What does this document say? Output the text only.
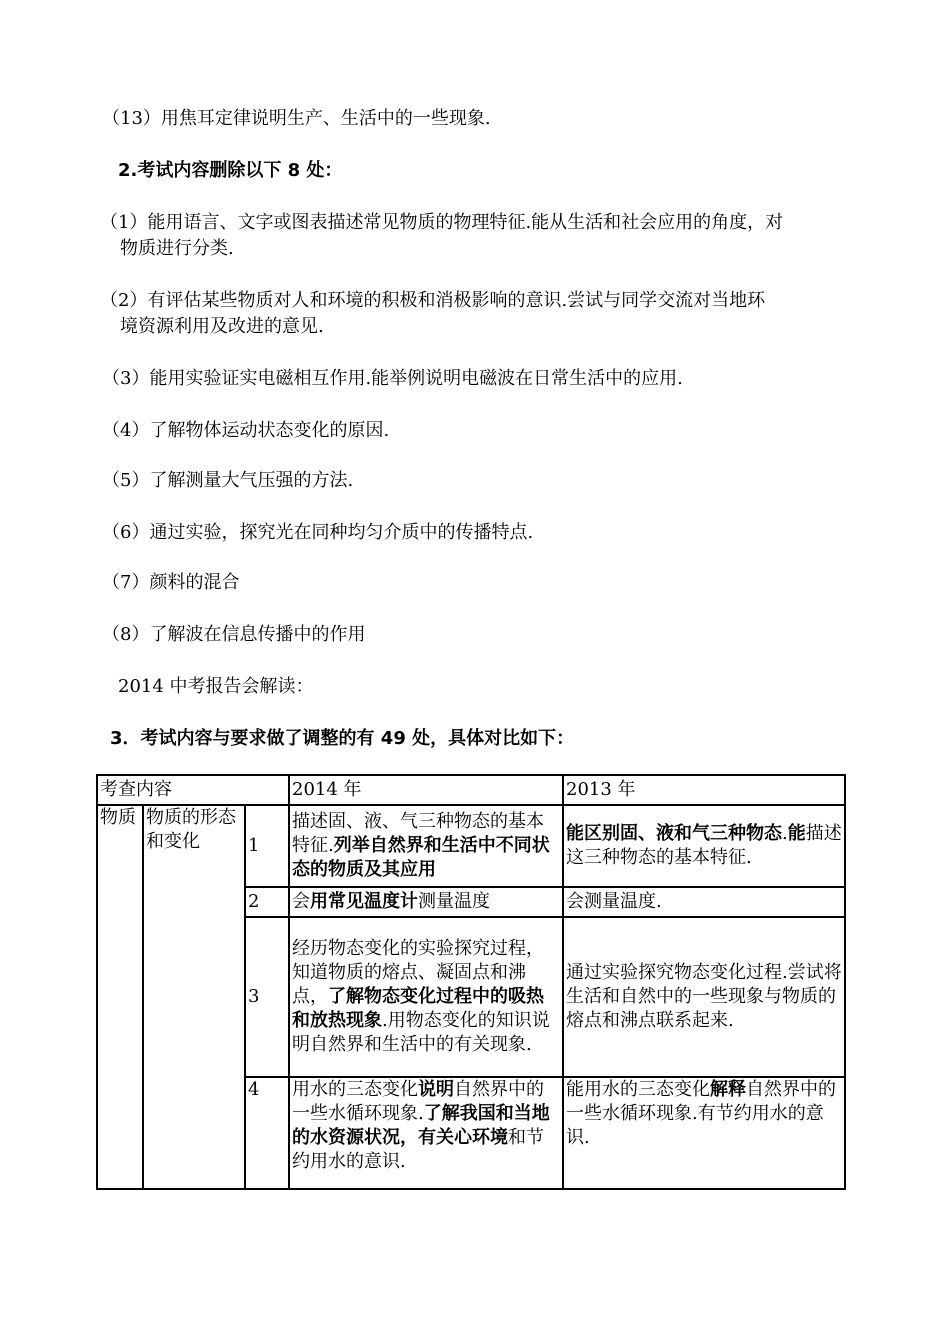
（13）用焦耳定律说明生产、生活中的一些现象.
2.考试内容删除以下 8 处：
（1）能用语言、文字或图表描述常见物质的物理特征.能从生活和社会应用的角度，对
物质进行分类.
（2）有评估某些物质对人和环境的积极和消极影响的意识.尝试与同学交流对当地环
境资源利用及改进的意见.
（3）能用实验证实电磁相互作用.能举例说明电磁波在日常生活中的应用.
（4）了解物体运动状态变化的原因.
（5）了解测量大气压强的方法.
（6）通过实验，探究光在同种均匀介质中的传播特点.
（7）颜料的混合
（8）了解波在信息传播中的作用
2014 中考报告会解读：
3．考试内容与要求做了调整的有 49 处，具体对比如下：
考查内容			2014 年	2013 年
物质	物质的形态和变化	1	描述固、液、气三种物态的基本特征.列举自然界和生活中不同状态的物质及其应用	能区别固、液和气三种物态.能描述这三种物态的基本特征.
		2	会用常见温度计测量温度	会测量温度.
		3	经历物态变化的实验探究过程，知道物质的熔点、凝固点和沸点，了解物态变化过程中的吸热和放热现象.用物态变化的知识说明自然界和生活中的有关现象.	通过实验探究物态变化过程.尝试将生活和自然中的一些现象与物质的熔点和沸点联系起来.
		4	用水的三态变化说明自然界中的一些水循环现象.了解我国和当地的水资源状况，有关心环境和节约用水的意识.	能用水的三态变化解释自然界中的一些水循环现象.有节约用水的意识.
